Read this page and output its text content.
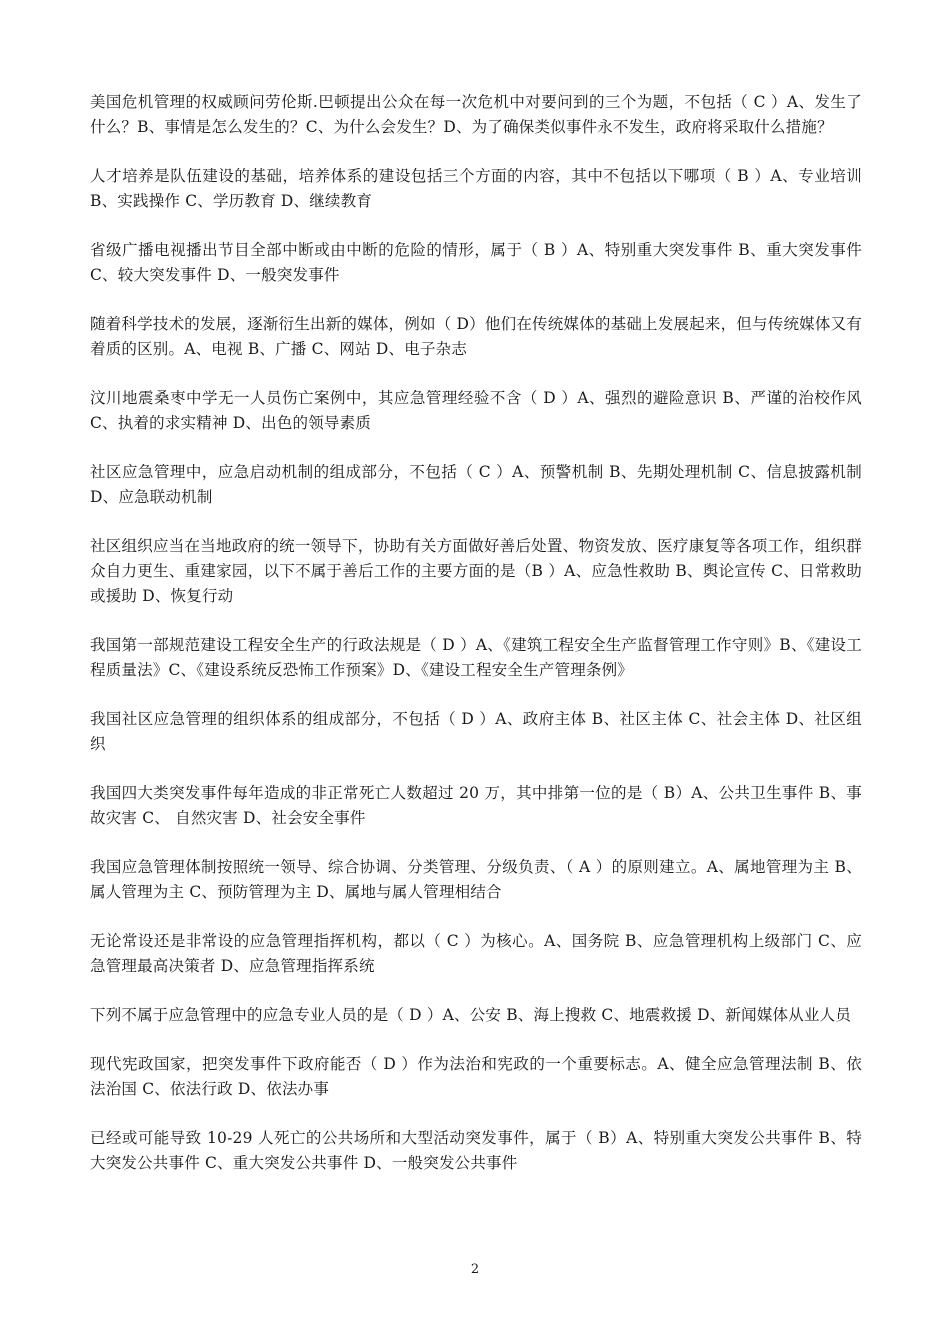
美国危机管理的权威顾问劳伦斯.巴顿提出公众在每一次危机中对要问到的三个为题，不包括（ C ）A、发生了什么？B、事情是怎么发生的？C、为什么会发生？D、为了确保类似事件永不发生，政府将采取什么措施？

人才培养是队伍建设的基础，培养体系的建设包括三个方面的内容，其中不包括以下哪项（ B ）A、专业培训 B、实践操作 C、学历教育 D、继续教育

省级广播电视播出节目全部中断或由中断的危险的情形，属于（ B ）A、特别重大突发事件 B、重大突发事件 C、较大突发事件 D、一般突发事件

随着科学技术的发展，逐渐衍生出新的媒体，例如（ D）他们在传统媒体的基础上发展起来，但与传统媒体又有着质的区别。A、电视 B、广播 C、网站 D、电子杂志

汶川地震桑枣中学无一人员伤亡案例中，其应急管理经验不含（ D ）A、强烈的避险意识 B、严谨的治校作风 C、执着的求实精神 D、出色的领导素质

社区应急管理中，应急启动机制的组成部分，不包括（ C ）A、预警机制 B、先期处理机制 C、信息披露机制 D、应急联动机制

社区组织应当在当地政府的统一领导下，协助有关方面做好善后处置、物资发放、医疗康复等各项工作，组织群众自力更生、重建家园，以下不属于善后工作的主要方面的是（B ）A、应急性救助 B、舆论宣传 C、日常救助或援助 D、恢复行动

我国第一部规范建设工程安全生产的行政法规是（ D ）A、《建筑工程安全生产监督管理工作守则》B、《建设工程质量法》C、《建设系统反恐怖工作预案》D、《建设工程安全生产管理条例》

我国社区应急管理的组织体系的组成部分，不包括（ D ）A、政府主体 B、社区主体 C、社会主体 D、社区组织

我国四大类突发事件每年造成的非正常死亡人数超过 20 万，其中排第一位的是（ B）A、公共卫生事件 B、事故灾害 C、 自然灾害 D、社会安全事件

我国应急管理体制按照统一领导、综合协调、分类管理、分级负责、（ A ）的原则建立。A、属地管理为主 B、属人管理为主 C、预防管理为主 D、属地与属人管理相结合

无论常设还是非常设的应急管理指挥机构，都以（ C ）为核心。A、国务院 B、应急管理机构上级部门 C、应急管理最高决策者 D、应急管理指挥系统

下列不属于应急管理中的应急专业人员的是（ D ）A、公安 B、海上搜救 C、地震救援 D、新闻媒体从业人员

现代宪政国家，把突发事件下政府能否（ D ）作为法治和宪政的一个重要标志。A、健全应急管理法制 B、依法治国 C、依法行政 D、依法办事

已经或可能导致 10-29 人死亡的公共场所和大型活动突发事件，属于（ B）A、特别重大突发公共事件 B、特大突发公共事件 C、重大突发公共事件 D、一般突发公共事件

2
